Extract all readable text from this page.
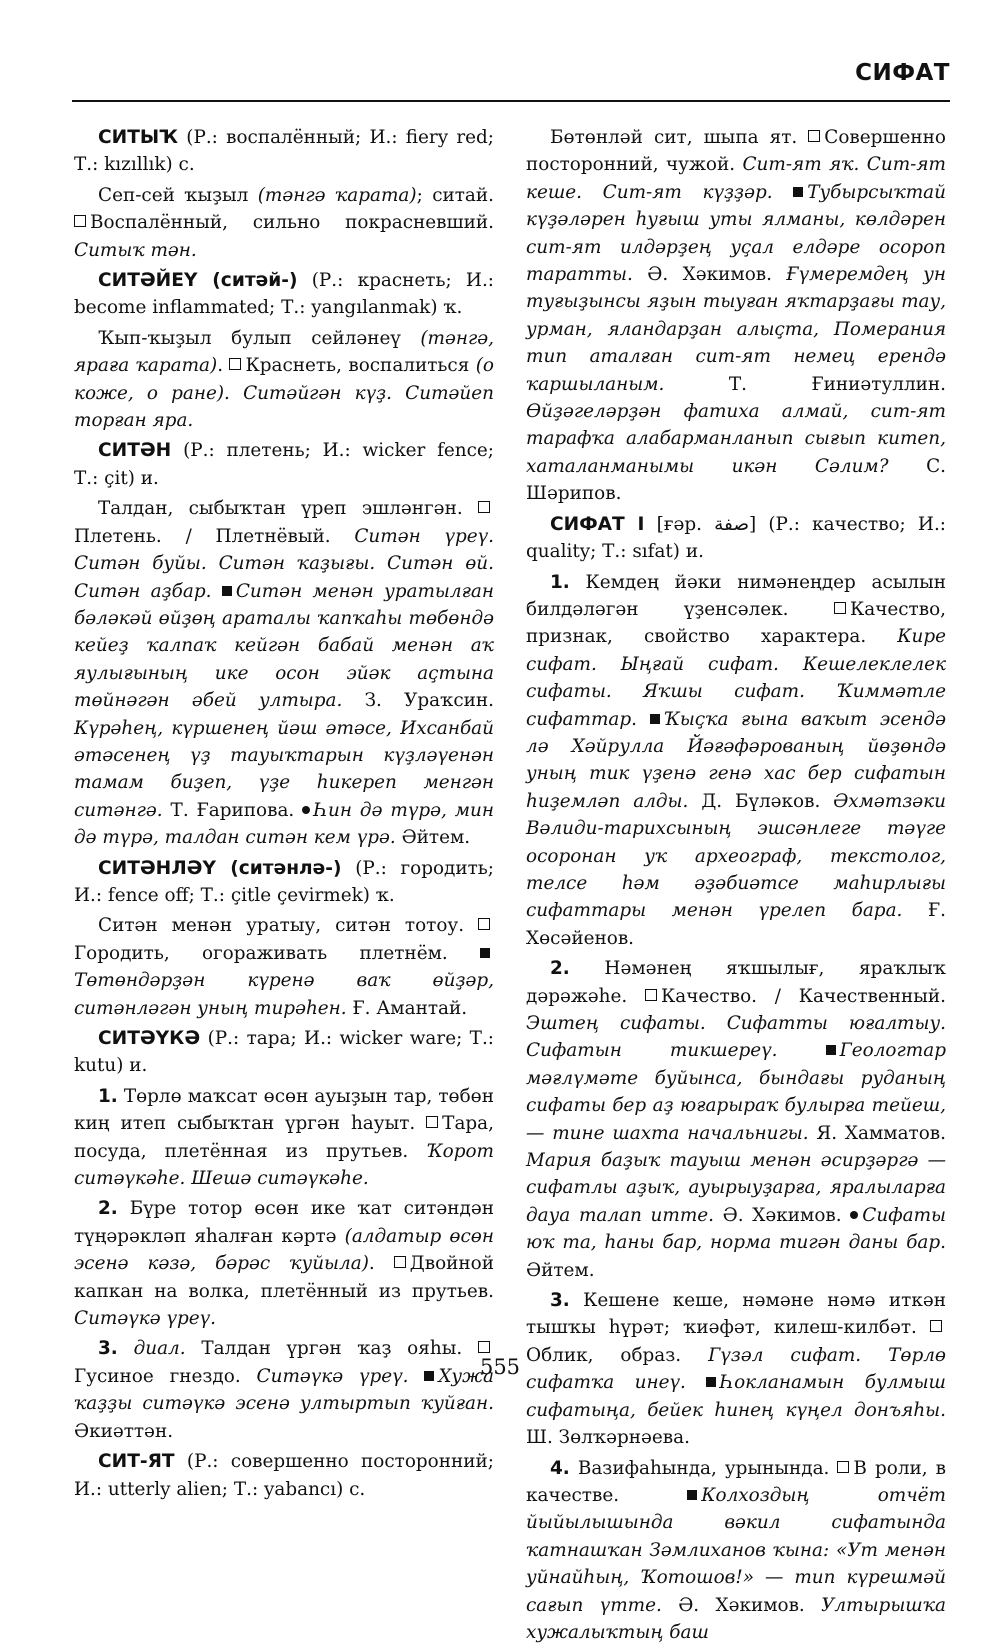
СИФАТ

СИТЫҠ (Р.: воспалённый; И.: fiery red; Т.: kızıllık) с.

Сеп-сей ҡыҙыл (тәнгә ҡарата); ситай. Воспалённый, сильно покрасневший. Ситыҡ тән.

СИТӘЙЕҮ (ситәй-) (Р.: краснеть; И.: become inflammated; Т.: yangılanmak) ҡ.

Ҡып-ҡыҙыл булып сейләнеү (тәнгә, яраға ҡарата). Краснеть, воспалиться (о коже, о ране). Ситәйгән күҙ. Ситәйеп торған яра.

СИТӘН (Р.: плетень; И.: wicker fence; Т.: çit) и.

Талдан, сыбыҡтан үреп эшләнгән. Плетень. / Плетнёвый. Ситән үреү. Ситән буйы. Ситән ҡаҙығы. Ситән өй. Ситән аҙбар. Ситән менән уратылған бәләкәй өйҙөң араталы ҡапҡаһы төбөндә кейеҙ ҡалпаҡ кейгән бабай менән аҡ яулығының ике осон эйәк аҫтына төйнәгән әбей ултыра. З. Ураҡсин. Күрәһең, күршенең йәш әтәсе, Ихсанбай әтәсенең үҙ тауыҡтарын күҙләүенән тамам биҙеп, үҙе һикереп менгән ситәнгә. Т. Ғарипова. Һин дә түрә, мин дә түрә, талдан ситән кем үрә. Әйтем.

СИТӘНЛӘҮ (ситәнлә-) (Р.: городить; И.: fence off; Т.: çitle çevirmek) ҡ.

Ситән менән уратыу, ситән тотоу. Городить, огораживать плетнём. Төтөндәрҙән күренә ваҡ өйҙәр, ситәнләгән уның тирәһен. Ғ. Амантай.

СИТӘҮКӘ (Р.: тара; И.: wicker ware; Т.: kutu) и.

1. Төрлө маҡсат өсөн ауыҙын тар, төбөн киң итеп сыбыҡтан үргән һауыт. Тара, посуда, плетённая из прутьев. Ҡорот ситәүкәһе. Шешә ситәүкәһе.

2. Бүре тотор өсөн ике ҡат ситәндән түңәрәкләп яһалған кәртә (алдатыр өсөн эсенә кәзә, бәрәс ҡуйыла). Двойной капкан на волка, плетённый из прутьев. Ситәүкә үреү.

3. диал. Талдан үргән ҡаҙ ояһы. Гусиное гнездо. Ситәүкә үреү. Хужа ҡаҙҙы ситәүкә эсенә ултыртып ҡуйған. Әкиәттән.

СИТ-ЯТ (Р.: совершенно посторонний; И.: utterly alien; Т.: yabancı) с.

Бөтөнләй сит, шыпа ят. Совершенно посторонний, чужой. Сит-ят яҡ. Сит-ят кеше. Сит-ят күҙҙәр. Тубырсыҡтай күҙәләрен һуғыш уты ялманы, көлдәрен сит-ят илдәрҙең уҫал елдәре осороп таратты. Ә. Хәкимов. Ғүмеремдең ун туғыҙынсы яҙын тыуған яҡтарҙағы тау, урман, яландарҙан алыҫта, Померания тип аталған сит-ят немец ерендә ҡаршыланым. Т. Ғиниәтуллин. Өйҙәгеләрҙән фатиха алмай, сит-ят тарафҡа алабарманланып сығып китеп, хаталанманымы икән Сәлим? С. Шәрипов.

СИФАТ I [ғәр. صفة] (Р.: качество; И.: quality; Т.: sıfat) и.

1. Кемдең йәки нимәнеңдер асылын билдәләгән үҙенсәлек. Качество, признак, свойство характера. Кире сифат. Ыңғай сифат. Кешелеклелек сифаты. Яҡшы сифат. Ҡиммәтле сифаттар. Ҡыҫҡа ғына ваҡыт эсендә лә Хәйрулла Йәғәфәрованың йөҙөндә уның тик үҙенә генә хас бер сифатын һиҙемләп алды. Д. Бүләков. Әхмәтзәки Вәлиди-тарихсының эшсәнлеге тәүге осоронан уҡ археограф, текстолог, телсе һәм әҙәбиәтсе маһирлығы сифаттары менән үрелеп бара. Ғ. Хөсәйенов.

2. Нәмәнең яҡшылығ, яраҡлыҡ дәрәжәһе. Качество. / Качественный. Эштең сифаты. Сифатты юғалтыу. Сифатын тикшереү.	Геологтар мәғлүмәте буйынса, бындағы руданың сифаты бер аҙ юғарыраҡ булырға тейеш, — тине шахта начальнигы. Я. Хамматов. Мария баҙыҡ тауыш менән әсирҙәргә — сифатлы аҙыҡ, ауырыуҙарға, яралыларға дауа талап итте. Ә. Хәкимов. Сифаты юҡ та, һаны бар, норма тигән даны бар. Әйтем.

3. Кешене кеше, нәмәне нәмә иткән тышҡы һүрәт; ҡиәфәт, килеш-килбәт. Облик, образ. Гүзәл сифат. Төрлө сифатҡа инеү. Һокланамын булмыш сифатыңа, бейек һинең күңел донъяһы. Ш. Зөлҡәрнәева.

4. Вазифаһында, урынында. В роли, в качестве. Колхоздың отчёт йыйылышында вәкил сифатында ҡатнашҡан Зәмлиханов ҡына: «Ут менән уйнайһың, Ҡотошов!» — тип күрешмәй сағып үтте. Ә. Хәкимов. Ултырышҡа хужалыҡтың баш

555
